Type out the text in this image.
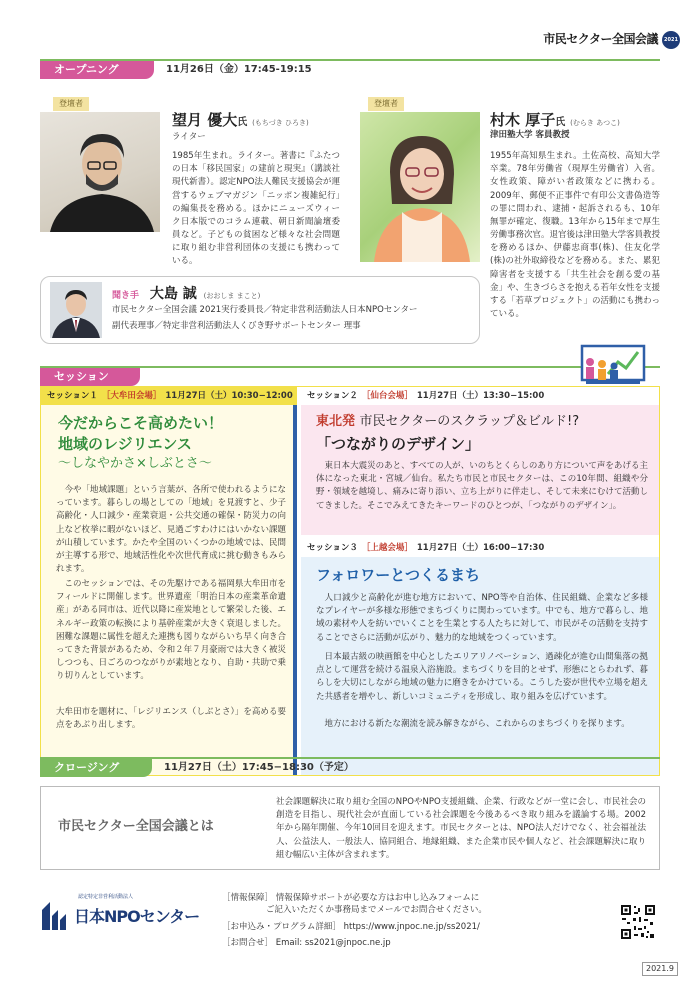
市民セクター全国会議	2021
オープニング	11月26日（金）17:45-19:15
登壇者
望月 優大氏 (もちづき ひろき)
ライター
1985年生まれ。ライター。著書に『ふたつの日本「移民国家」の建前と現実』（講談社現代新書）。認定NPO法人難民支援協会が運営するウェブマガジン「ニッポン複雑紀行」の編集長を務める。ほかにニューズウィーク日本版でのコラム連載、朝日新聞論壇委員など。子どもの貧困など様々な社会問題に取り組む非営利団体の支援にも携わっている。
登壇者
村木 厚子氏 (むらき あつこ)
津田塾大学 客員教授
1955年高知県生まれ。土佐高校、高知大学卒業。78年労働省（現厚生労働省）入省。女性政策、障がい者政策などに携わる。2009年、郵便不正事件で有印公文書偽造等の罪に問われ、逮捕・起訴されるも、10年無罪が確定、復職。13年から15年まで厚生労働事務次官。退官後は津田塾大学客員教授を務めるほか、伊藤忠商事(株)、住友化学(株)の社外取締役などを務める。また、累犯障害者を支援する「共生社会を創る愛の基金」や、生きづらさを抱える若年女性を支援する「若草プロジェクト」の活動にも携わっている。
聞き手 大島 誠 (おおしま まこと)
市民セクター全国会議 2021実行委員長／特定非営利活動法人日本NPOセンター
副代表理事／特定非営利活動法人くびき野サポートセンター 理事
セッション
セッション１ ［大牟田会場］ 11月27日（土）10:30−12:00
今だからこそ高めたい！
地域のレジリエンス
〜しなやかさ×しぶとさ〜
今や「地域課題」という言葉が、各所で使われるようになっています。暮らしの場としての「地域」を見渡すと、少子高齢化・人口減少・産業衰退・公共交通の確保・防災力の向上など枚挙に暇がないほど、見過ごすわけにはいかない課題が山積しています。かたや全国のいくつかの地域では、民間が主導する形で、地域活性化や次世代育成に挑む動きもみられます。
このセッションでは、その先駆けである福岡県大牟田市をフィールドに開催します。世界遺産「明治日本の産業革命遺産」がある同市は、近代以降に産炭地として繁栄した後、エネルギー政策の転換により基幹産業が大きく衰退しました。困難な課題に属性を超えた連携も図りながらいち早く向き合ってきた背景があるため、令和２年７月豪雨では大きく被災しつつも、日ごろのつながりが素地となり、自助・共助で乗り切りんとしています。
大牟田市を題材に、「レジリエンス（しぶとさ）」を高める要点をあぶり出します。
セッション２ ［仙台会場］ 11月27日（土）13:30−15:00
東北発 市民セクターのスクラップ＆ビルド!?
「つながりのデザイン」
東日本大震災のあと、すべての人が、いのちとくらしのあり方について声をあげる主体になった東北・宮城／仙台。私たち市民と市民セクターは、この10年間、組織や分野・領域を越境し、痛みに寄り添い、立ち上がりに伴走し、そして未来にむけて活動してきました。そこでみえてきたキーワードのひとつが、「つながりのデザイン」。
セッション３ ［上越会場］ 11月27日（土）16:00−17:30
フォロワーとつくるまち
人口減少と高齢化が進む地方において、NPO等や自治体、住民組織、企業など多様なプレイヤーが多様な形態でまちづくりに関わっています。中でも、地方で暮らし、地域の素材や人を紡いでいくことを生業とする人たちに対して、市民がその活動を支持することでさらに活動が広がり、魅力的な地域をつくっています。
日本最古級の映画館を中心としたエリアリノベーション、過疎化が進む山間集落の拠点として運営を続ける温泉入浴施設。まちづくりを目的とせず、形態にとらわれず、暮らしを大切にしながら地域の魅力に磨きをかけている。こうした姿が世代や立場を超えた共感者を増やし、新しいコミュニティを形成し、取り組みを広げています。
地方における新たな潮流を読み解きながら、これからのまちづくりを探ります。
クロージング	11月27日（土）17:45−18:30（予定）
市民セクター全国会議とは
社会課題解決に取り組む全国のNPOやNPO支援組織、企業、行政などが一堂に会し、市民社会の創造を目指し、現代社会が直面している社会課題を今後あるべき取り組みを議論する場。2002年から隔年開催、今年10回目を迎えます。市民セクターとは、NPO法人だけでなく、社会福祉法人、公益法人、一般法人、協同組合、地縁組織、また企業市民や個人など、社会課題解決に取り組む幅広い主体が含まれます。
認定特定非営利活動法人
日本NPOセンター
［情報保障］ 情報保障サポートが必要な方はお申し込みフォームに
ご記入いただくか事務局までメールでお問合せください。
［お申込み・プログラム詳細］ https://www.jnpoc.ne.jp/ss2021/
［お問合せ］ Email: ss2021@jnpoc.ne.jp
2021.9
